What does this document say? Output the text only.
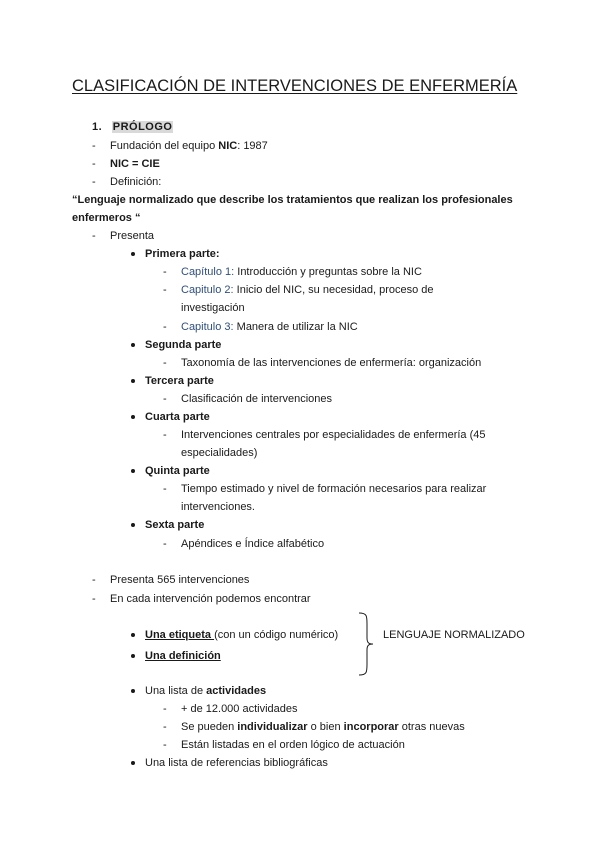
CLASIFICACIÓN DE INTERVENCIONES DE ENFERMERÍA
1. PRÓLOGO
- Fundación del equipo NIC: 1987
- NIC = CIE
- Definición:
“Lenguaje normalizado que describe los tratamientos que realizan los profesionales
enfermeros “
- Presenta
Primera parte:
- Capítulo 1: Introducción y preguntas sobre la NIC
- Capitulo 2: Inicio del NIC, su necesidad, proceso de
investigación
- Capitulo 3: Manera de utilizar la NIC
Segunda parte
- Taxonomía de las intervenciones de enfermería: organización
Tercera parte
- Clasificación de intervenciones
Cuarta parte
- Intervenciones centrales por especialidades de enfermería (45
especialidades)
Quinta parte
- Tiempo estimado y nivel de formación necesarios para realizar
intervenciones.
Sexta parte
- Apéndices e Índice alfabético
- Presenta 565 intervenciones
- En cada intervención podemos encontrar
Una etiqueta (con un código numérico)
Una definición
LENGUAJE NORMALIZADO
Una lista de actividades
- + de 12.000 actividades
- Se pueden individualizar o bien incorporar otras nuevas
- Están listadas en el orden lógico de actuación
Una lista de referencias bibliográficas
